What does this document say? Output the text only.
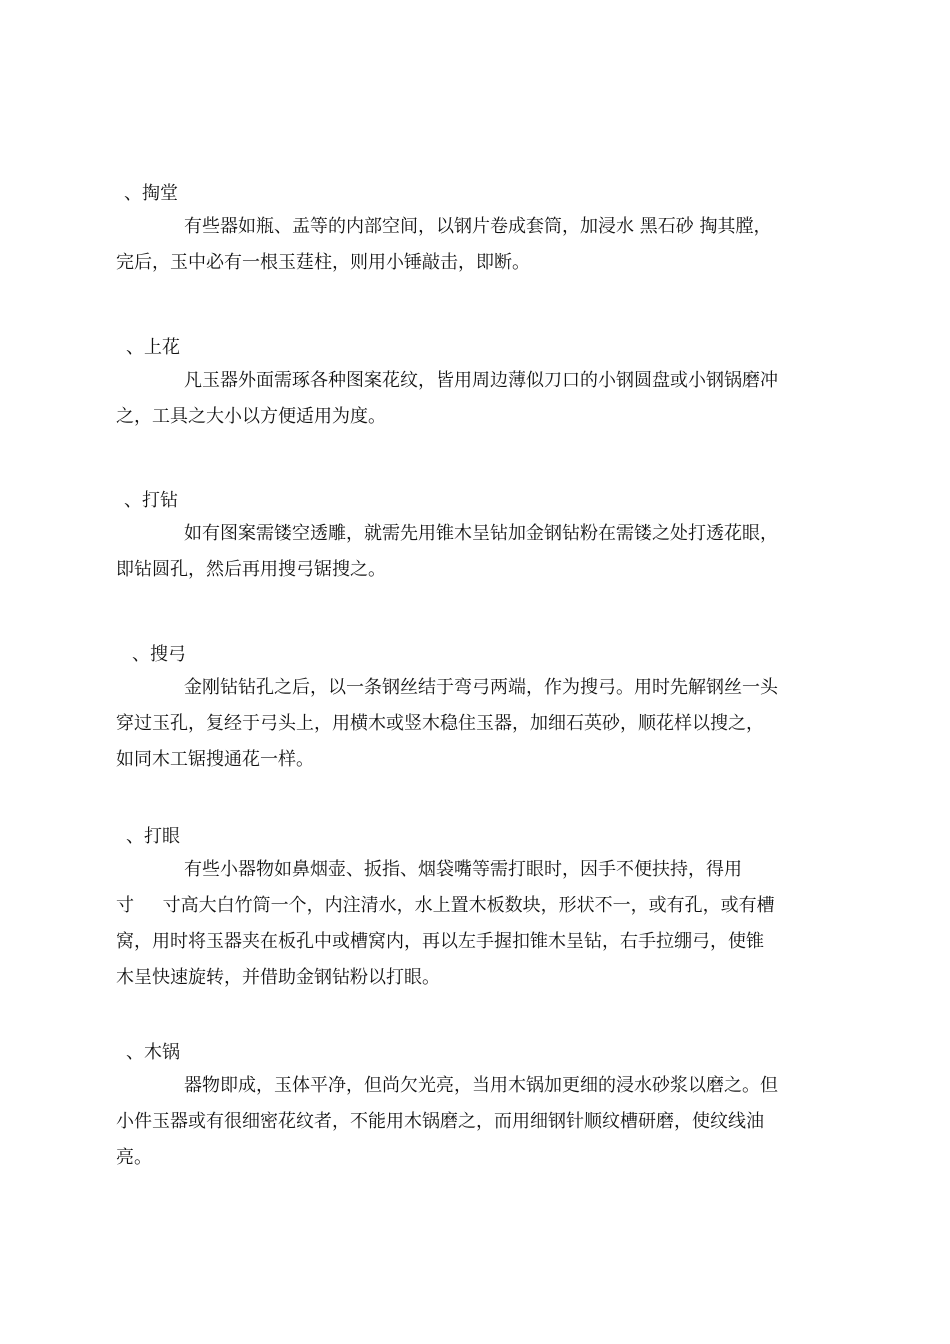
、掏堂
有些器如瓶、盂等的内部空间，以钢片卷成套筒，加浸水 黑石砂 掏其膛，
完后，玉中必有一根玉莛柱，则用小锤敲击，即断。
、上花
凡玉器外面需琢各种图案花纹，皆用周边薄似刀口的小钢圆盘或小钢锅磨冲
之，工具之大小以方便适用为度。
、打钻
如有图案需镂空透雕，就需先用锥木呈钻加金钢钻粉在需镂之处打透花眼，
即钻圆孔，然后再用搜弓锯搜之。
、搜弓
金刚钻钻孔之后，以一条钢丝结于弯弓两端，作为搜弓。用时先解钢丝一头
穿过玉孔，复经于弓头上，用横木或竖木稳住玉器，加细石英砂，顺花样以搜之，
如同木工锯搜通花一样。
、打眼
有些小器物如鼻烟壶、扳指、烟袋嘴等需打眼时，因手不便扶持，得用
寸     寸高大白竹筒一个，内注清水，水上置木板数块，形状不一，或有孔，或有槽
窝，用时将玉器夹在板孔中或槽窝内，再以左手握扣锥木呈钻，右手拉绷弓，使锥
木呈快速旋转，并借助金钢钻粉以打眼。
、木锅
器物即成，玉体平净，但尚欠光亮，当用木锅加更细的浸水砂浆以磨之。但
小件玉器或有很细密花纹者，不能用木锅磨之，而用细钢针顺纹槽研磨，使纹线油
亮。
